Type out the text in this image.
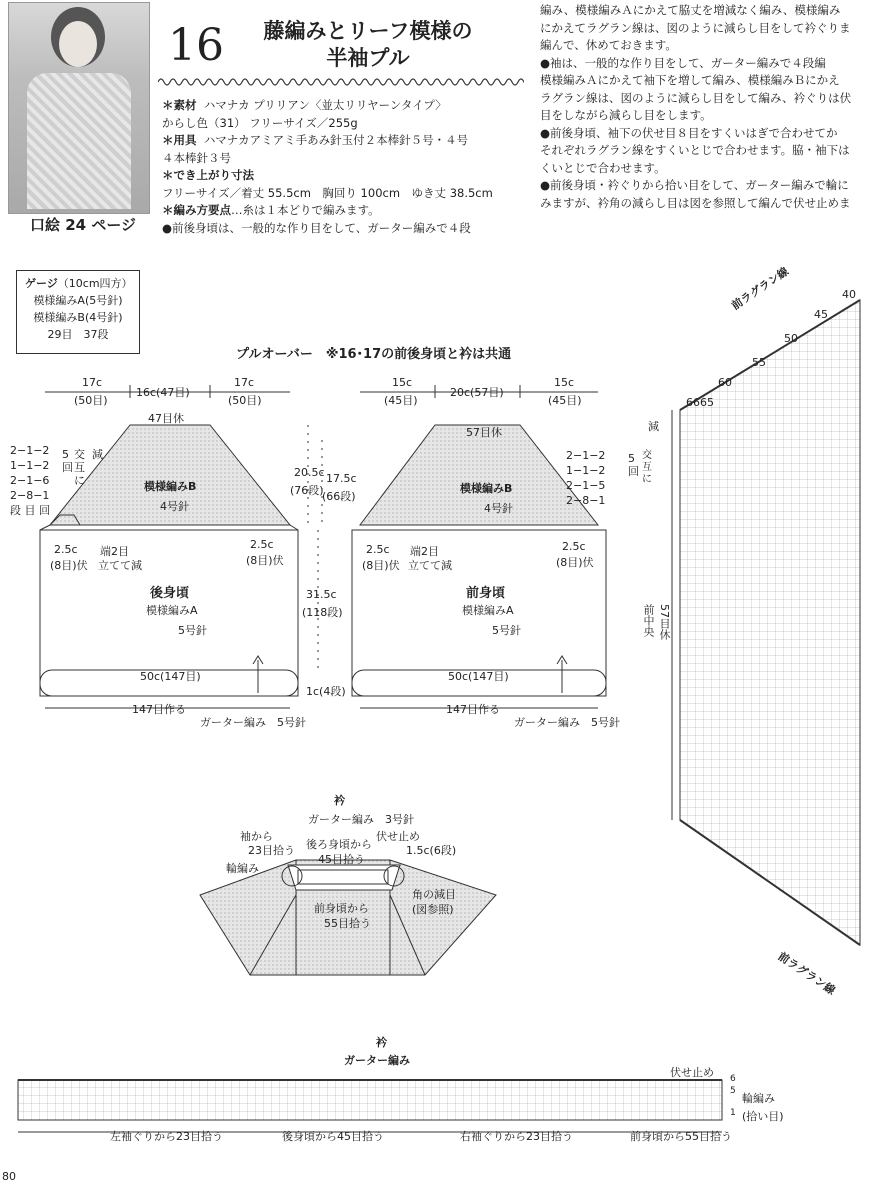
口絵 24 ページ
16	藤編みとリーフ模様の
半袖プル
＊素材 ハマナカ プリリアン〈並太リリヤーンタイプ〉
からし色（31） フリーサイズ／255g
＊用具 ハマナカアミアミ手あみ針玉付２本棒針５号・４号
４本棒針３号
＊でき上がり寸法
フリーサイズ／着丈 55.5cm　胸回り 100cm　ゆき丈 38.5cm
＊編み方要点…糸は１本どりで編みます。
●前後身頃は、一般的な作り目をして、ガーター編みで４段
編み、模様編みＡにかえて脇丈を増減なく編み、模様編み
にかえてラグラン線は、図のように減らし目をして衿ぐりま
編んで、休めておきます。
●袖は、一般的な作り目をして、ガーター編みで４段編
模様編みＡにかえて袖下を増して編み、模様編みＢにかえ
ラグラン線は、図のように減らし目をして編み、衿ぐりは伏
目をしながら減らし目をします。
●前後身頃、袖下の伏せ目８目をすくいはぎで合わせてか
それぞれラグラン線をすくいとじで合わせます。脇・袖下は
くいとじで合わせます。
●前後身頃・衿ぐりから拾い目をして、ガーター編みで輪に
みますが、衿角の減らし目は図を参照して編んで伏せ止めま
ゲージ（10cm四方）
模様編みA(5号針)
模様編みB(4号針)
29目　37段
プルオーバー　※16･17の前後身頃と衿は共通
17c
(50目)
16c(47目)
17c
(50目)
47目休
2−1−2
1−1−2
2−1−6
2−8−1
段 目 回
5
回
交
互
に
減
模様編みB
4号針
2.5c
(8目)伏
端2目
立てて減
2.5c
(8目)伏
後身頃
模様編みA
5号針
50c(147目)
147目作る
ガーター編み　5号針
20.5c
(76段)
17.5c
(66段)
31.5c
(118段)
1c(4段)
15c
(45目)
20c(57目)
15c
(45目)
57目休
2−1−2
1−1−2
2−1−5
2−8−1
5
回
交
互
に
減
模様編みB
4号針
2.5c
(8目)伏
端2目
立てて減
2.5c
(8目)伏
前身頃
模様編みA
5号針
50c(147目)
147目作る
ガーター編み　5号針
前ラグラン線
前ラグラン線
前中央 57目休
66 65
60
55
50
45
40
衿
ガーター編み　3号針
袖から
23目拾う 後ろ身頃から
45目拾う
伏せ止め
1.5c(6段)
輪編み
前身頃から
55目拾う
角の減目
(図参照)
衿
ガーター編み
伏せ止め
輪編み
(拾い目)
6
5
1
左袖ぐりから23目拾う	後身頃から45目拾う	右袖ぐりから23目拾う	前身頃から55目拾う
80
